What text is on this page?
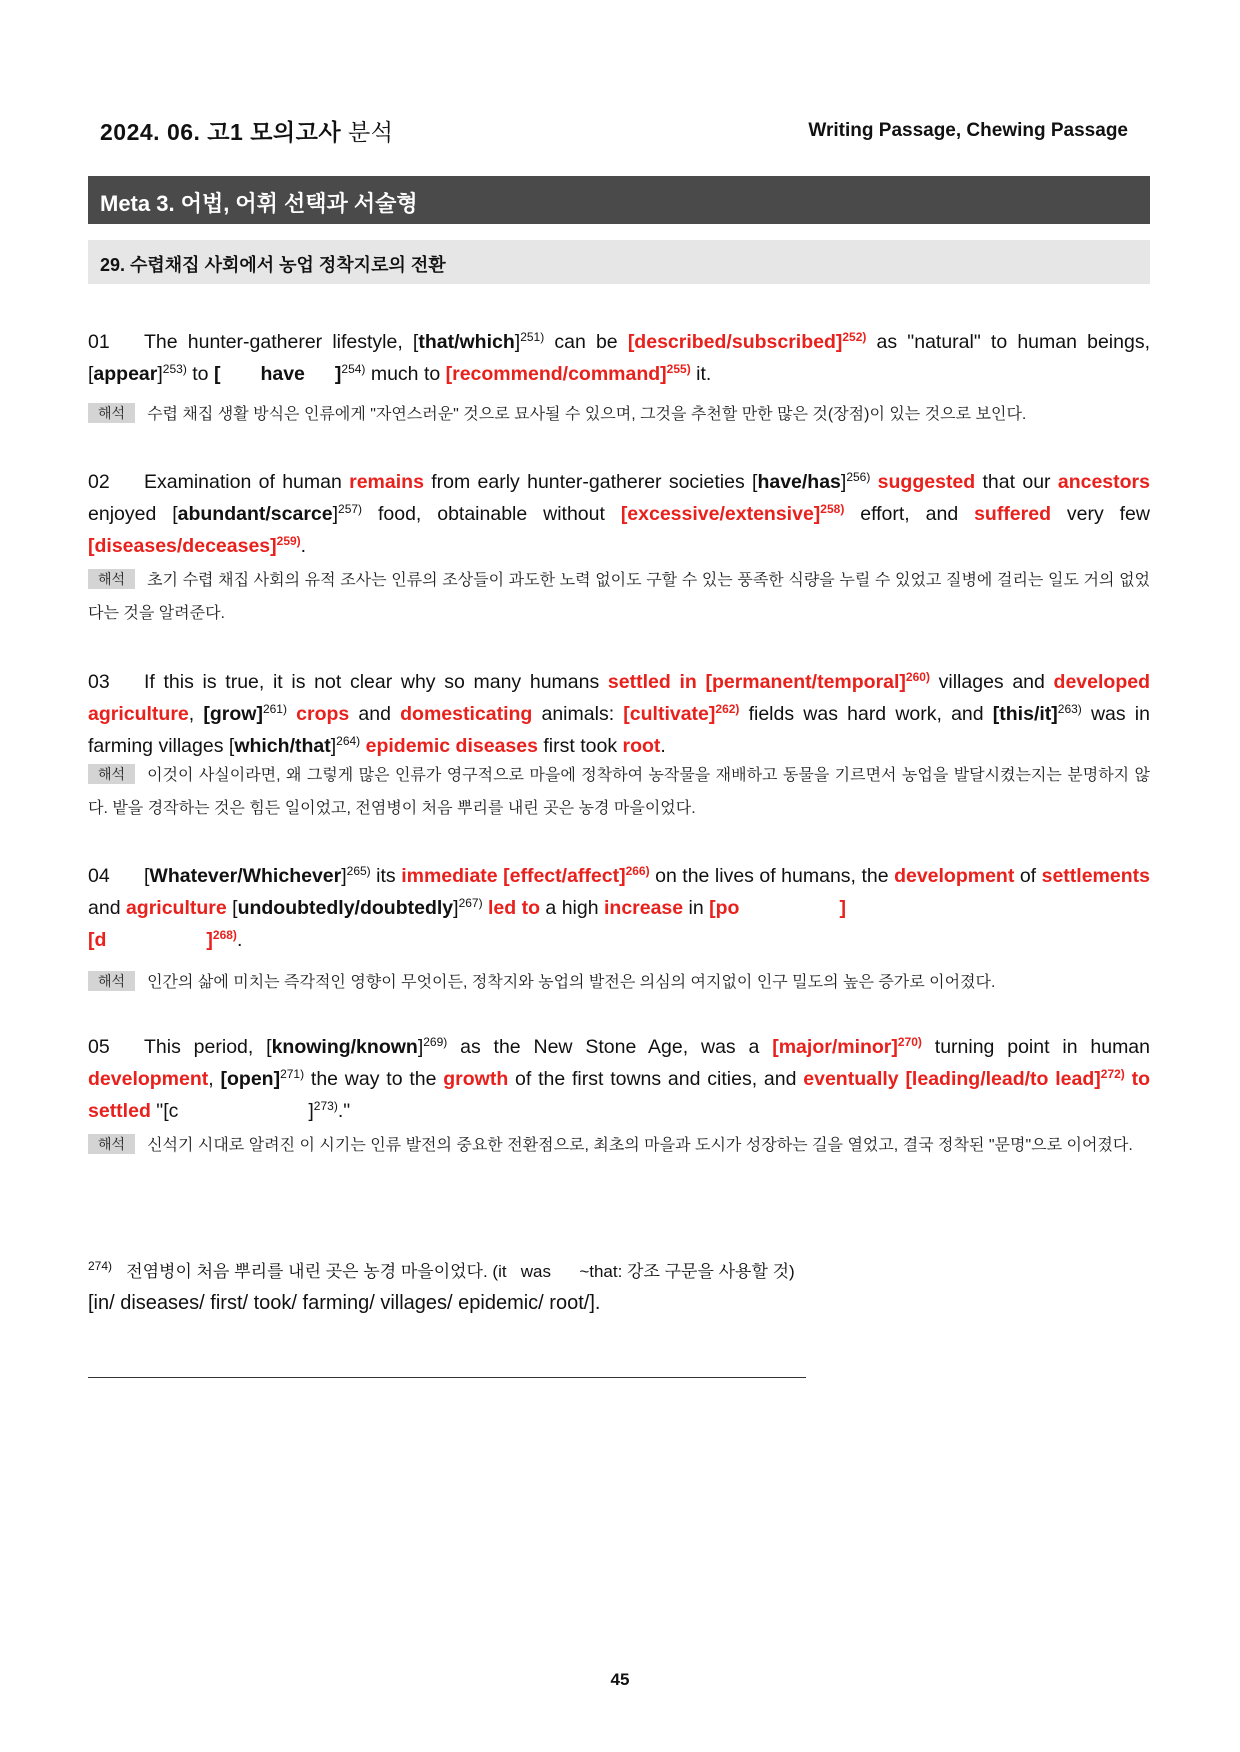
2024. 06. 고1 모의고사 분석	Writing Passage, Chewing Passage
Meta 3. 어법, 어휘 선택과 서술형
29. 수렵채집 사회에서 농업 정착지로의 전환
01 The hunter-gatherer lifestyle, [that/which]$^{251)}$ can be [described/subscribed]$^{252)}$ as "natural" to human beings, [appear]$^{253)}$ to [ have ]$^{254)}$ much to [recommend/command]$^{255)}$ it.
해석 수렵 채집 생활 방식은 인류에게 "자연스러운" 것으로 묘사될 수 있으며, 그것을 추천할 만한 많은 것(장점)이 있는 것으로 보인다.
02 Examination of human remains from early hunter-gatherer societies [have/has]$^{256)}$ suggested that our ancestors enjoyed [abundant/scarce]$^{257)}$ food, obtainable without [excessive/extensive]$^{258)}$ effort, and suffered very few [diseases/deceases]$^{259)}$.
해석 초기 수렵 채집 사회의 유적 조사는 인류의 조상들이 과도한 노력 없이도 구할 수 있는 풍족한 식량을 누릴 수 있었고 질병에 걸리는 일도 거의 없었다는 것을 알려준다.
03 If this is true, it is not clear why so many humans settled in [permanent/temporal]$^{260)}$ villages and developed agriculture, [grow]$^{261)}$ crops and domesticating animals: [cultivate]$^{262)}$ fields was hard work, and [this/it]$^{263)}$ was in farming villages [which/that]$^{264)}$ epidemic diseases first took root.
해석 이것이 사실이라면, 왜 그렇게 많은 인류가 영구적으로 마을에 정착하여 농작물을 재배하고 동물을 기르면서 농업을 발달시켰는지는 분명하지 않다. 밭을 경작하는 것은 힘든 일이었고, 전염병이 처음 뿌리를 내린 곳은 농경 마을이었다.
04 [Whatever/Whichever]$^{265)}$ its immediate [effect/affect]$^{266)}$ on the lives of humans, the development of settlements and agriculture [undoubtedly/doubtedly]$^{267)}$ led to a high increase in [po	]
[d	]$^{268)}$.
해석 인간의 삶에 미치는 즉각적인 영향이 무엇이든, 정착지와 농업의 발전은 의심의 여지없이 인구 밀도의 높은 증가로 이어졌다.
05 This period, [knowing/known]$^{269)}$ as the New Stone Age, was a [major/minor]$^{270)}$ turning point in human development, [open]$^{271)}$ the way to the growth of the first towns and cities, and eventually [leading/lead/to lead]$^{272)}$ to settled "[c	]$^{273)}$."
해석 신석기 시대로 알려진 이 시기는 인류 발전의 중요한 전환점으로, 최초의 마을과 도시가 성장하는 길을 열었고, 결국 정착된 "문명"으로 이어졌다.
$^{274)}$ 전염병이 처음 뿌리를 내린 곳은 농경 마을이었다. (it   was      ~that: 강조 구문을 사용할 것)
[in/ diseases/ first/ took/ farming/ villages/ epidemic/ root/].
45
